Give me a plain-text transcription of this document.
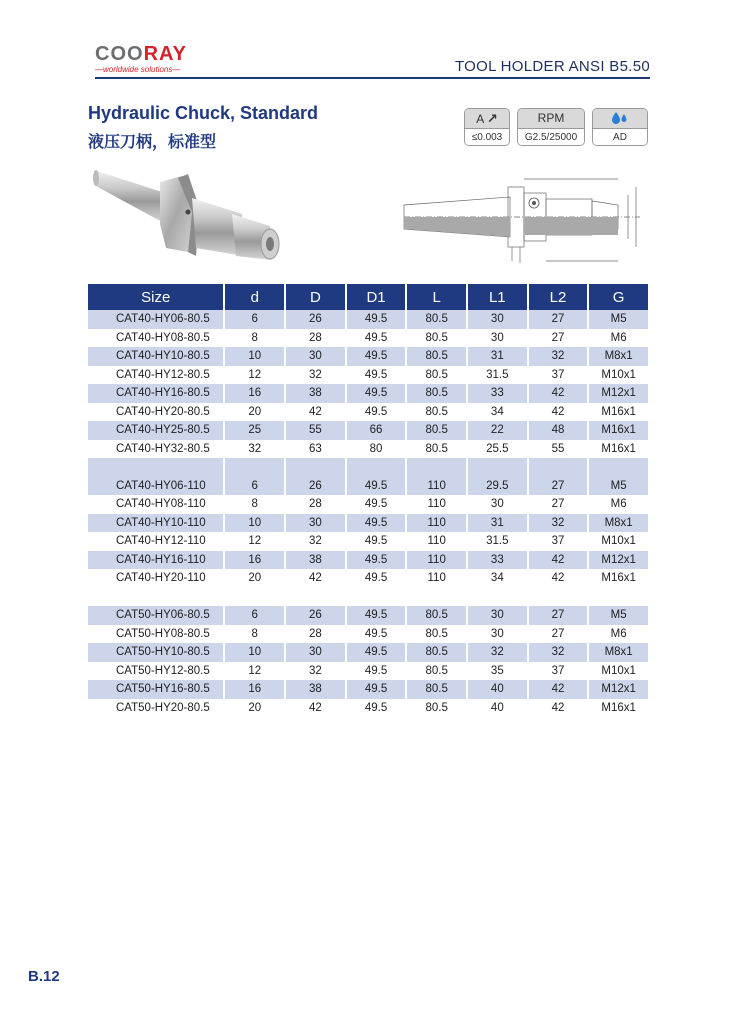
COORAY
—worldwide solutions—	TOOL HOLDER ANSI B5.50
Hydraulic Chuck, Standard
液压刀柄，标准型
A ↗
≤0.003
RPM
G2.5/25000	AD
Size	d	D	D1	L	L1	L2	G
CAT40-HY06-80.5	6	26	49.5	80.5	30	27	M5
CAT40-HY08-80.5	8	28	49.5	80.5	30	27	M6
CAT40-HY10-80.5	10	30	49.5	80.5	31	32	M8x1
CAT40-HY12-80.5	12	32	49.5	80.5	31.5	37	M10x1
CAT40-HY16-80.5	16	38	49.5	80.5	33	42	M12x1
CAT40-HY20-80.5	20	42	49.5	80.5	34	42	M16x1
CAT40-HY25-80.5	25	55	66	80.5	22	48	M16x1
CAT40-HY32-80.5	32	63	80	80.5	25.5	55	M16x1

CAT40-HY06-110	6	26	49.5	110	29.5	27	M5
CAT40-HY08-110	8	28	49.5	110	30	27	M6
CAT40-HY10-110	10	30	49.5	110	31	32	M8x1
CAT40-HY12-110	12	32	49.5	110	31.5	37	M10x1
CAT40-HY16-110	16	38	49.5	110	33	42	M12x1
CAT40-HY20-110	20	42	49.5	110	34	42	M16x1

CAT50-HY06-80.5	6	26	49.5	80.5	30	27	M5
CAT50-HY08-80.5	8	28	49.5	80.5	30	27	M6
CAT50-HY10-80.5	10	30	49.5	80.5	32	32	M8x1
CAT50-HY12-80.5	12	32	49.5	80.5	35	37	M10x1
CAT50-HY16-80.5	16	38	49.5	80.5	40	42	M12x1
CAT50-HY20-80.5	20	42	49.5	80.5	40	42	M16x1
B.12
